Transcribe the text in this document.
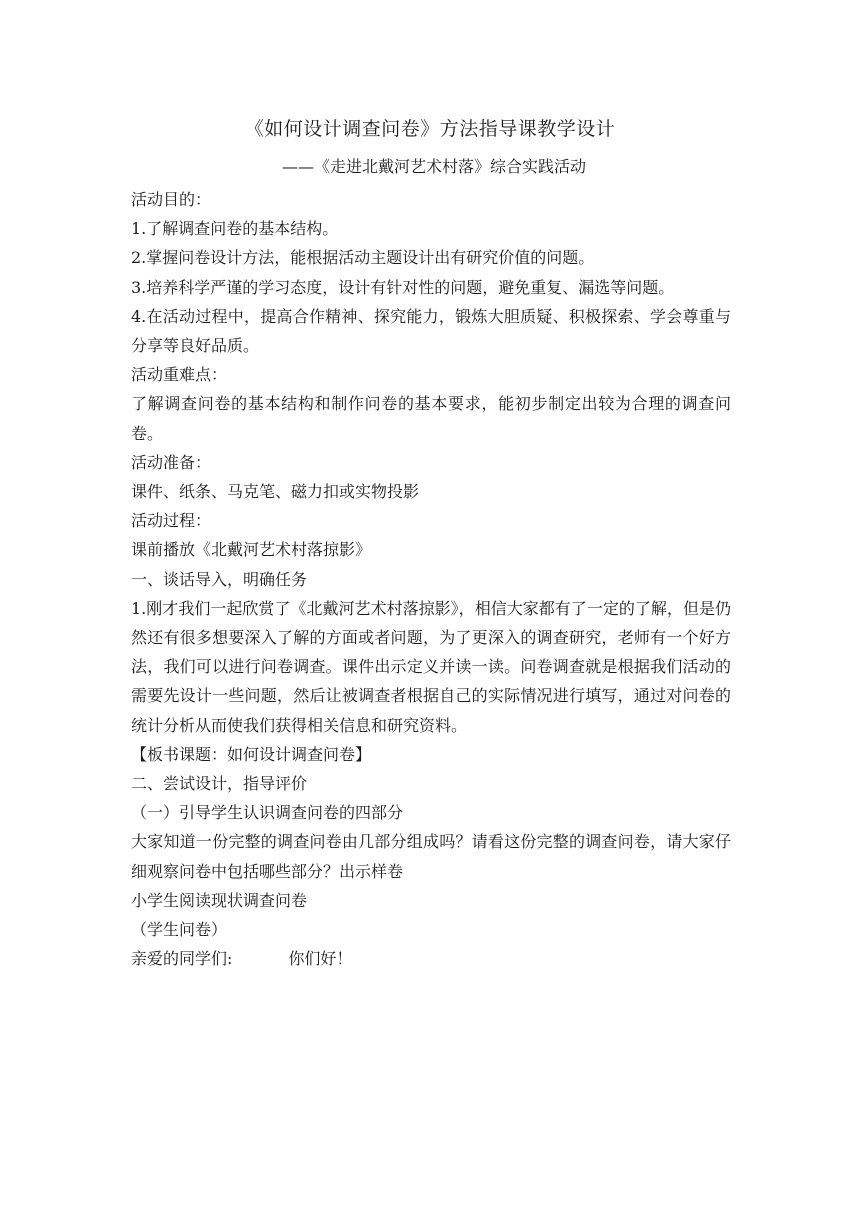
《如何设计调查问卷》方法指导课教学设计
——《走进北戴河艺术村落》综合实践活动

活动目的：

1.了解调查问卷的基本结构。

2.掌握问卷设计方法，能根据活动主题设计出有研究价值的问题。

3.培养科学严谨的学习态度，设计有针对性的问题，避免重复、漏选等问题。

4.在活动过程中，提高合作精神、探究能力，锻炼大胆质疑、积极探索、学会尊重与分享等良好品质。

活动重难点：

了解调查问卷的基本结构和制作问卷的基本要求，能初步制定出较为合理的调查问卷。

活动准备：

课件、纸条、马克笔、磁力扣或实物投影

活动过程：

课前播放《北戴河艺术村落掠影》

一、谈话导入，明确任务

1.刚才我们一起欣赏了《北戴河艺术村落掠影》，相信大家都有了一定的了解，但是仍然还有很多想要深入了解的方面或者问题，为了更深入的调查研究，老师有一个好方法，我们可以进行问卷调查。课件出示定义并读一读。问卷调查就是根据我们活动的需要先设计一些问题，然后让被调查者根据自己的实际情况进行填写，通过对问卷的统计分析从而使我们获得相关信息和研究资料。

【板书课题：如何设计调查问卷】

二、尝试设计，指导评价

（一）引导学生认识调查问卷的四部分

大家知道一份完整的调查问卷由几部分组成吗？请看这份完整的调查问卷，请大家仔细观察问卷中包括哪些部分？出示样卷

小学生阅读现状调查问卷

（学生问卷）

亲爱的同学们:	你们好！
